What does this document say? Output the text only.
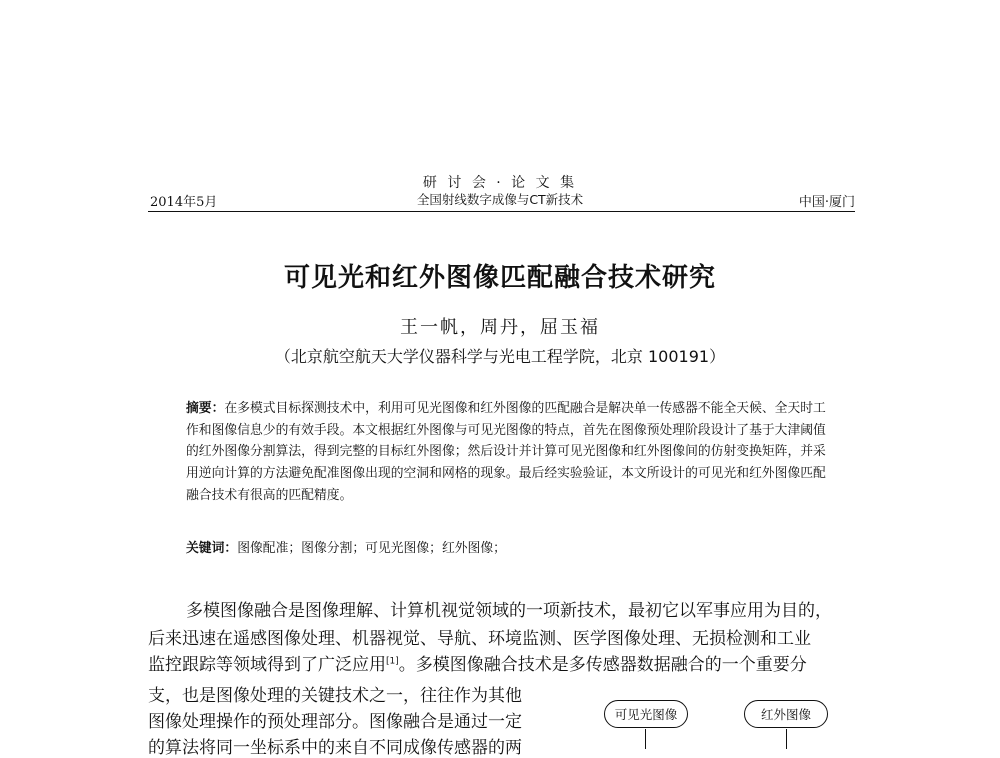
研 讨 会 · 论 文 集
全国射线数字成像与CT新技术
2014年5月	中国·厦门
可见光和红外图像匹配融合技术研究
王一帆，周丹，屈玉福
（北京航空航天大学仪器科学与光电工程学院，北京 100191）
摘要：在多模式目标探测技术中，利用可见光图像和红外图像的匹配融合是解决单一传感器不能全天候、全天时工作和图像信息少的有效手段。本文根据红外图像与可见光图像的特点，首先在图像预处理阶段设计了基于大津阈值的红外图像分割算法，得到完整的目标红外图像；然后设计并计算可见光图像和红外图像间的仿射变换矩阵，并采用逆向计算的方法避免配准图像出现的空洞和网格的现象。最后经实验验证，本文所设计的可见光和红外图像匹配融合技术有很高的匹配精度。
关键词：图像配准；图像分割；可见光图像；红外图像；
多模图像融合是图像理解、计算机视觉领域的一项新技术，最初它以军事应用为目的，
后来迅速在遥感图像处理、机器视觉、导航、环境监测、医学图像处理、无损检测和工业
监控跟踪等领域得到了广泛应用[1]。多模图像融合技术是多传感器数据融合的一个重要分
支，也是图像处理的关键技术之一，往往作为其他
图像处理操作的预处理部分。图像融合是通过一定
的算法将同一坐标系中的来自不同成像传感器的两
可见光图像	红外图像
